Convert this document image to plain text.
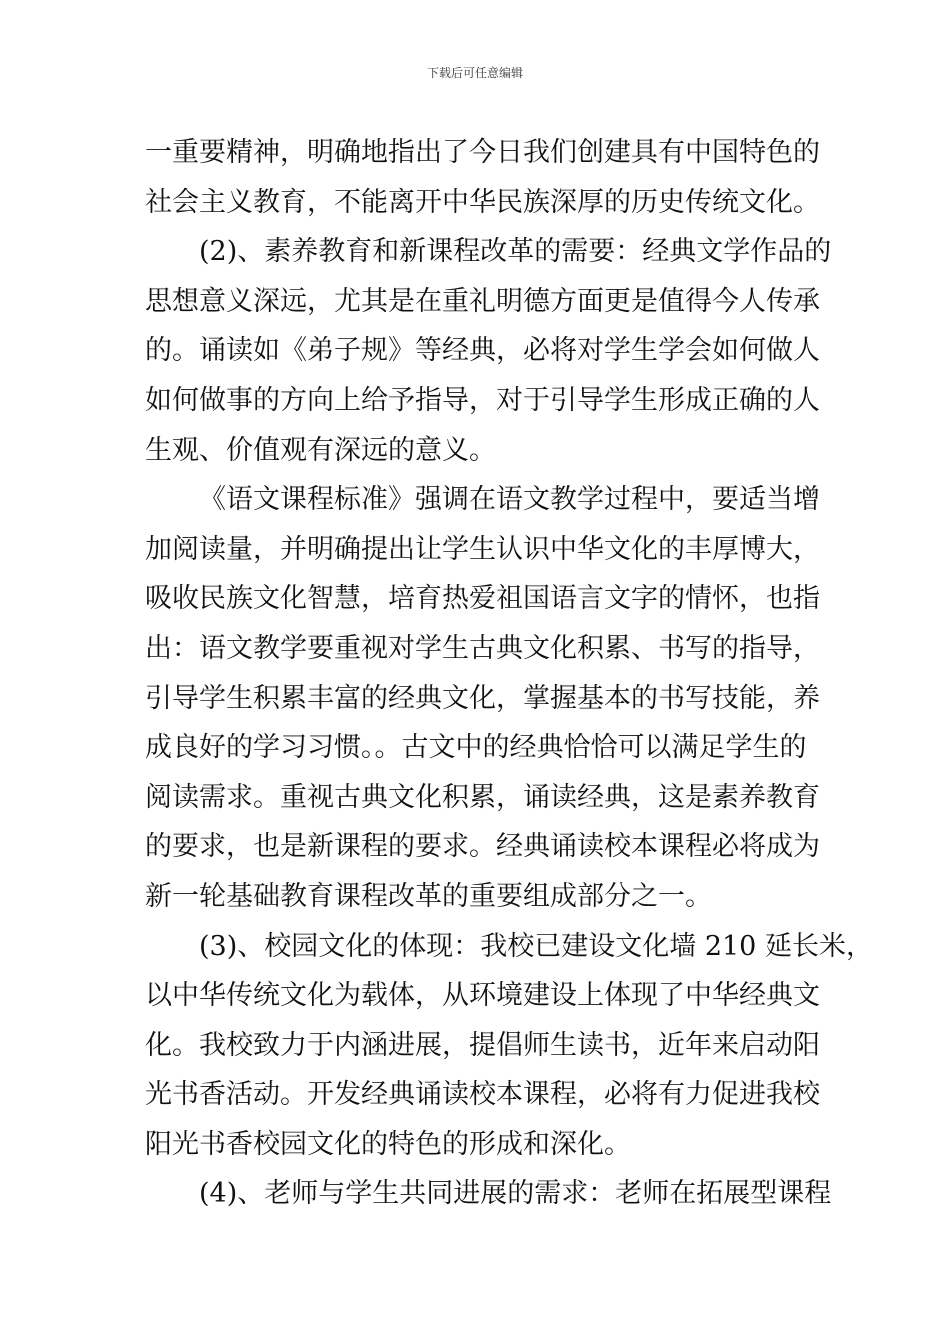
下载后可任意编辑
一重要精神，明确地指出了今日我们创建具有中国特色的
社会主义教育，不能离开中华民族深厚的历史传统文化。
(2)、素养教育和新课程改革的需要：经典文学作品的
思想意义深远，尤其是在重礼明德方面更是值得今人传承
的。诵读如《弟子规》等经典，必将对学生学会如何做人
如何做事的方向上给予指导，对于引导学生形成正确的人
生观、价值观有深远的意义。
《语文课程标准》强调在语文教学过程中，要适当增
加阅读量，并明确提出让学生认识中华文化的丰厚博大，
吸收民族文化智慧，培育热爱祖国语言文字的情怀，也指
出：语文教学要重视对学生古典文化积累、书写的指导，
引导学生积累丰富的经典文化，掌握基本的书写技能，养
成良好的学习习惯。。古文中的经典恰恰可以满足学生的
阅读需求。重视古典文化积累，诵读经典，这是素养教育
的要求，也是新课程的要求。经典诵读校本课程必将成为
新一轮基础教育课程改革的重要组成部分之一。
(3)、校园文化的体现：我校已建设文化墙 210 延长米，
以中华传统文化为载体，从环境建设上体现了中华经典文
化。我校致力于内涵进展，提倡师生读书，近年来启动阳
光书香活动。开发经典诵读校本课程，必将有力促进我校
阳光书香校园文化的特色的形成和深化。
(4)、老师与学生共同进展的需求：老师在拓展型课程
